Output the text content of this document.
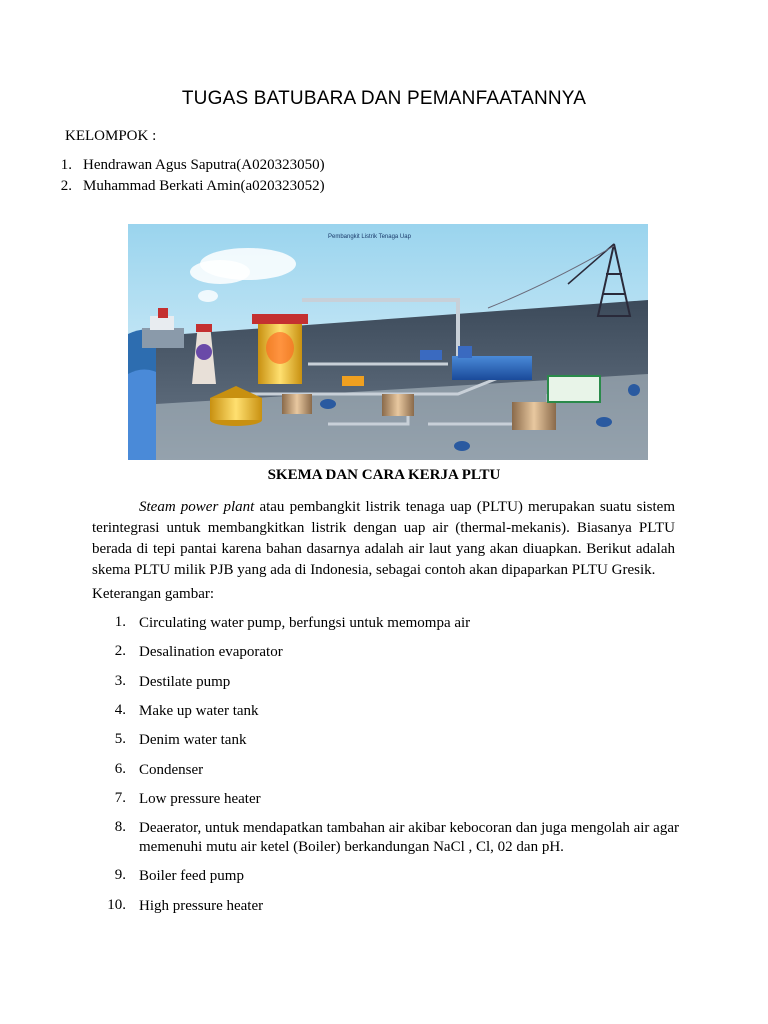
TUGAS BATUBARA DAN PEMANFAATANNYA
KELOMPOK :
1. Hendrawan Agus Saputra(A020323050)
2. Muhammad Berkati Amin(a020323052)
Pembangkit Listrik Tenaga Uap
SKEMA DAN CARA KERJA PLTU
Steam power plant atau pembangkit listrik tenaga uap (PLTU) merupakan suatu sistem terintegrasi untuk membangkitkan listrik dengan uap air (thermal-mekanis). Biasanya PLTU berada di tepi pantai karena bahan dasarnya adalah air laut yang akan diuapkan. Berikut adalah skema PLTU milik PJB yang ada di Indonesia, sebagai contoh akan dipaparkan PLTU Gresik.
Keterangan gambar:
1. Circulating water pump, berfungsi untuk memompa air
2. Desalination evaporator
3. Destilate pump
4. Make up water tank
5. Denim water tank
6. Condenser
7. Low pressure heater
8. Deaerator, untuk mendapatkan tambahan air akibar kebocoran dan juga mengolah air agar memenuhi mutu air ketel (Boiler) berkandungan NaCl , Cl, 02 dan pH.
9. Boiler feed pump
10. High pressure heater
